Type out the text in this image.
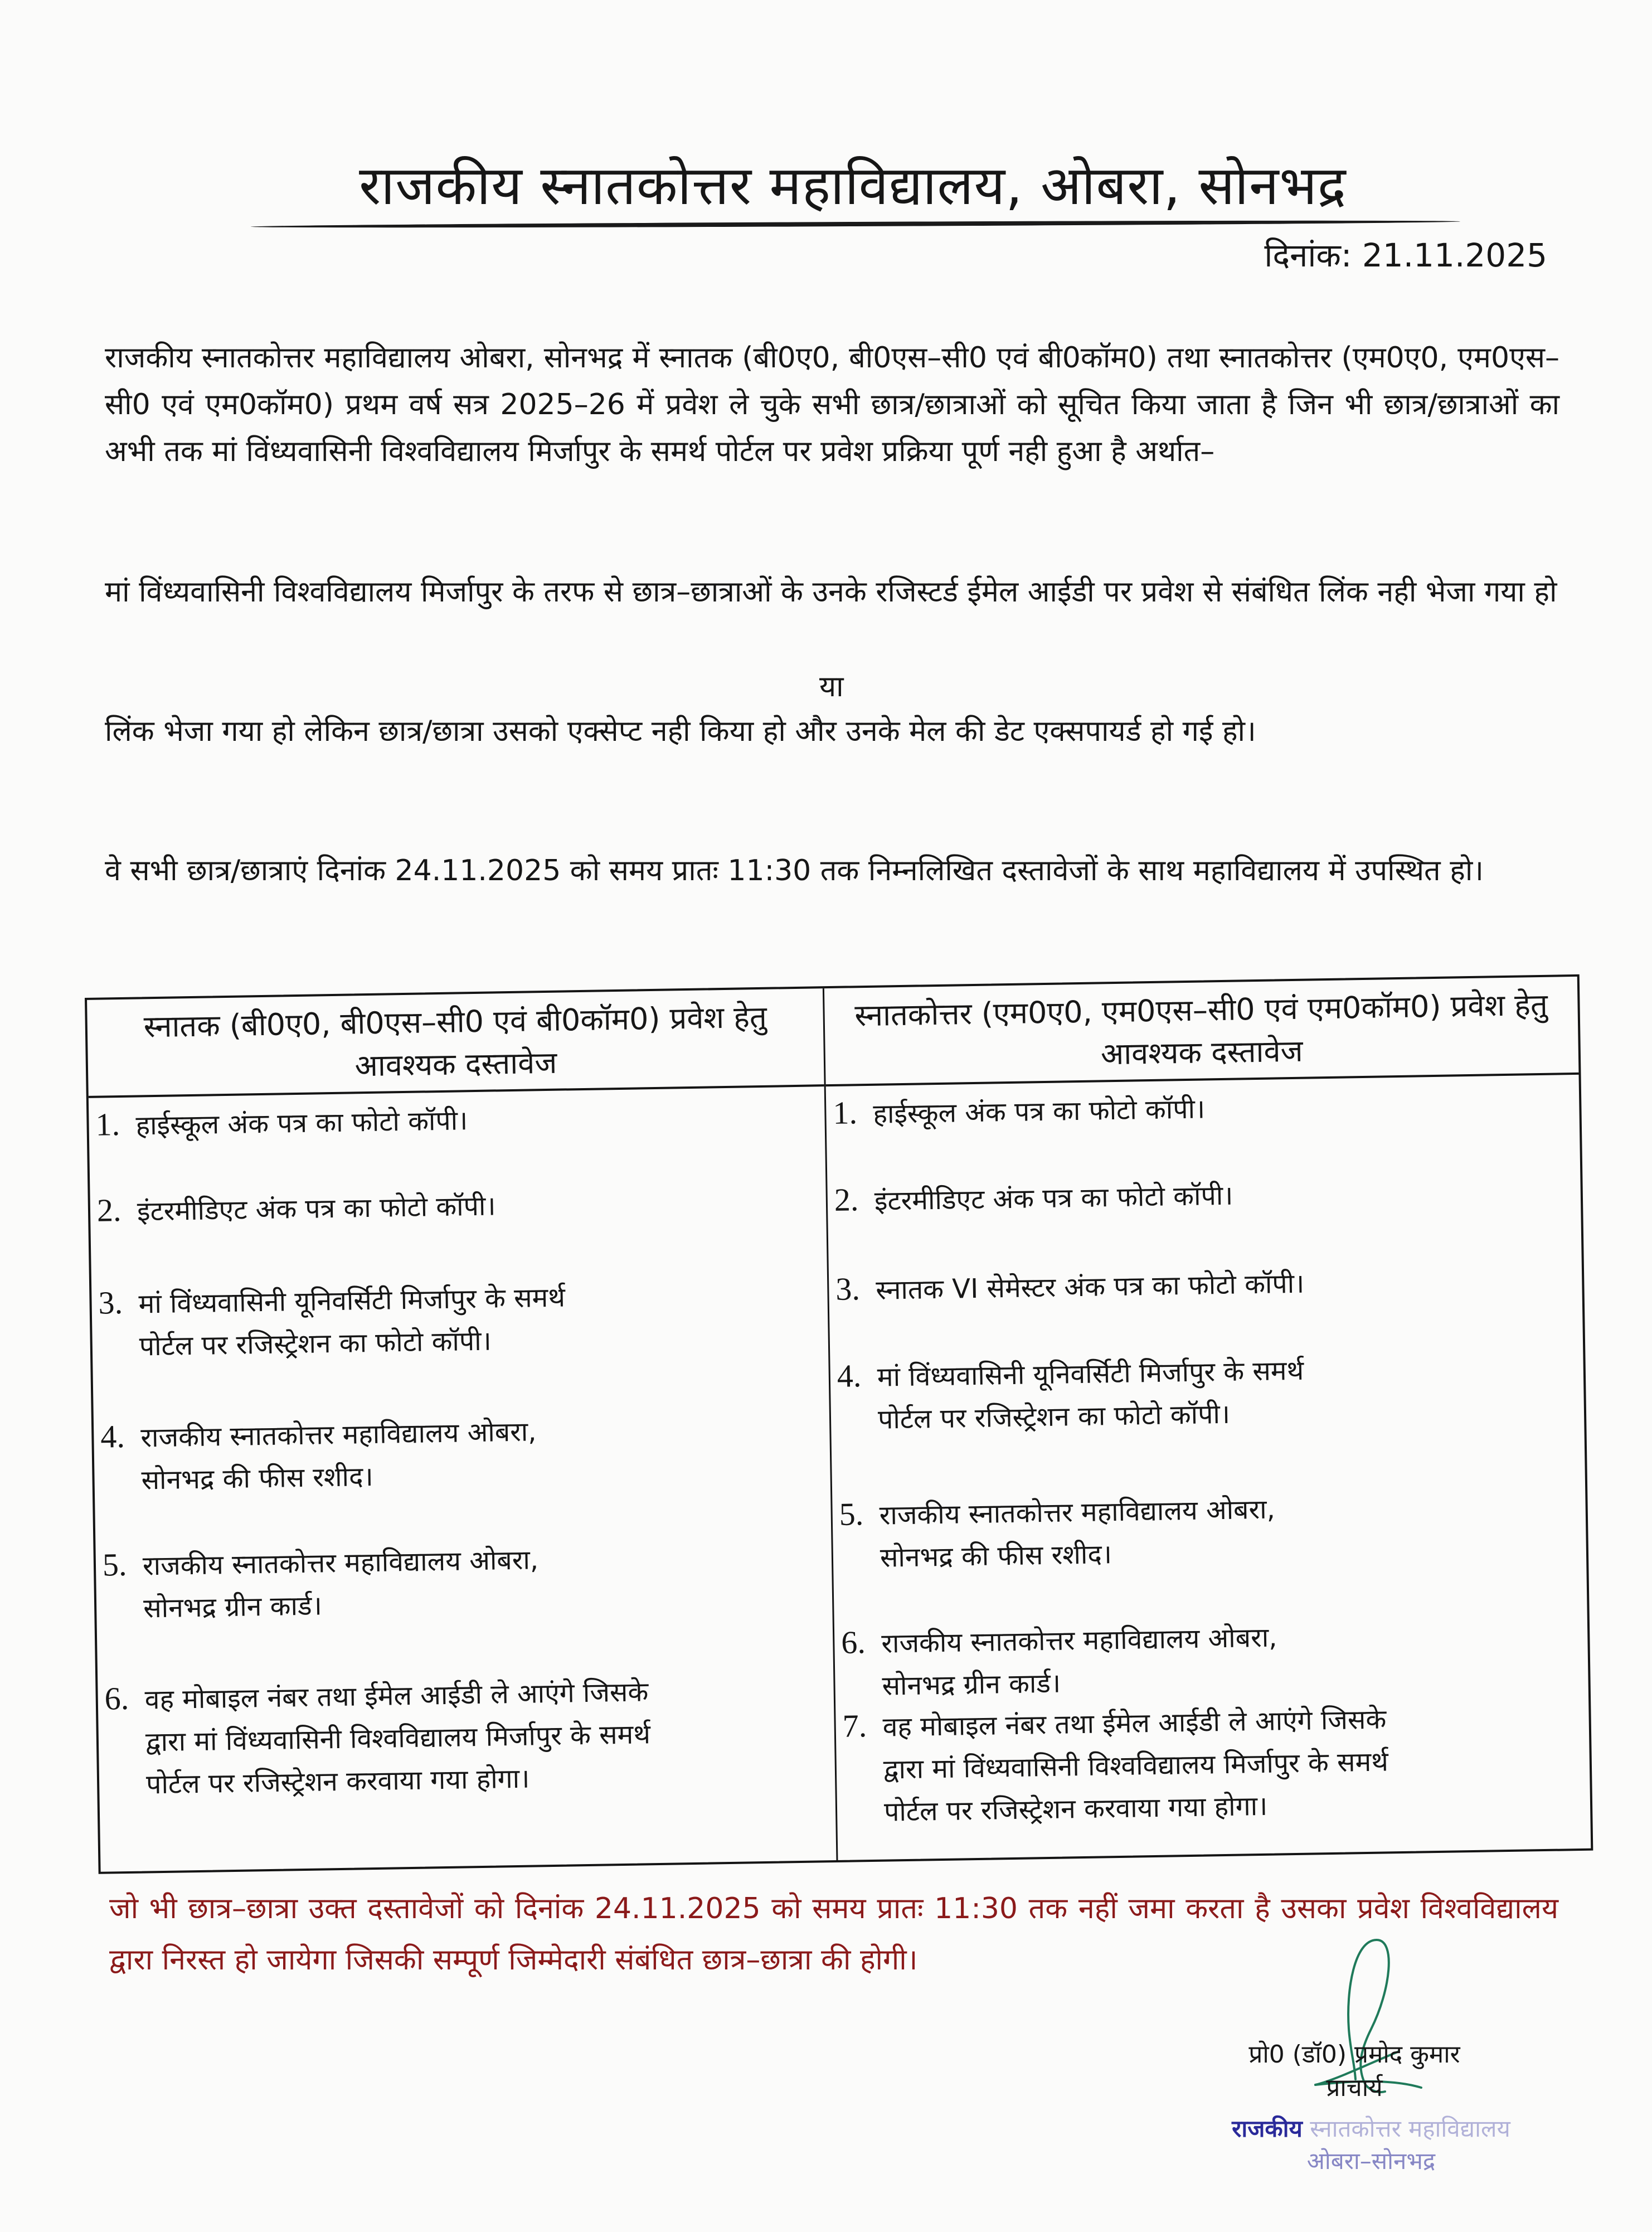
राजकीय स्नातकोत्तर महाविद्यालय, ओबरा, सोनभद्र
दिनांक: 21.11.2025
राजकीय स्नातकोत्तर महाविद्यालय ओबरा, सोनभद्र में स्नातक (बी0ए0, बी0एस–सी0 एवं बी0कॉम0) तथा स्नातकोत्तर (एम0ए0, एम0एस–सी0 एवं एम0कॉम0) प्रथम वर्ष सत्र 2025–26 में प्रवेश ले चुके सभी छात्र/छात्राओं को सूचित किया जाता है जिन भी छात्र/छात्राओं का अभी तक मां विंध्यवासिनी विश्वविद्यालय मिर्जापुर के समर्थ पोर्टल पर प्रवेश प्रक्रिया पूर्ण नही हुआ है अर्थात–
मां विंध्यवासिनी विश्वविद्यालय मिर्जापुर के तरफ से छात्र–छात्राओं के उनके रजिस्टर्ड ईमेल आईडी पर प्रवेश से संबंधित लिंक नही भेजा गया हो
या
लिंक भेजा गया हो लेकिन छात्र/छात्रा उसको एक्सेप्ट नही किया हो और उनके मेल की डेट एक्सपायर्ड हो गई हो।
वे सभी छात्र/छात्राएं दिनांक 24.11.2025 को समय प्रातः 11:30 तक निम्नलिखित दस्तावेजों के साथ महाविद्यालय में उपस्थित हो।
स्नातक (बी0ए0, बी0एस–सी0 एवं बी0कॉम0) प्रवेश हेतु आवश्यक दस्तावेज
1. हाईस्कूल अंक पत्र का फोटो कॉपी।
2. इंटरमीडिएट अंक पत्र का फोटो कॉपी।
3. मां विंध्यवासिनी यूनिवर्सिटी मिर्जापुर के समर्थ
पोर्टल पर रजिस्ट्रेशन का फोटो कॉपी।
4. राजकीय स्नातकोत्तर महाविद्यालय ओबरा,
सोनभद्र की फीस रशीद।
5. राजकीय स्नातकोत्तर महाविद्यालय ओबरा,
सोनभद्र ग्रीन कार्ड।
6. वह मोबाइल नंबर तथा ईमेल आईडी ले आएंगे जिसके
द्वारा मां विंध्यवासिनी विश्वविद्यालय मिर्जापुर के समर्थ
पोर्टल पर रजिस्ट्रेशन करवाया गया होगा।
स्नातकोत्तर (एम0ए0, एम0एस–सी0 एवं एम0कॉम0) प्रवेश हेतु आवश्यक दस्तावेज
1. हाईस्कूल अंक पत्र का फोटो कॉपी।
2. इंटरमीडिएट अंक पत्र का फोटो कॉपी।
3. स्नातक VI सेमेस्टर अंक पत्र का फोटो कॉपी।
4. मां विंध्यवासिनी यूनिवर्सिटी मिर्जापुर के समर्थ
पोर्टल पर रजिस्ट्रेशन का फोटो कॉपी।
5. राजकीय स्नातकोत्तर महाविद्यालय ओबरा,
सोनभद्र की फीस रशीद।
6. राजकीय स्नातकोत्तर महाविद्यालय ओबरा,
सोनभद्र ग्रीन कार्ड।
7. वह मोबाइल नंबर तथा ईमेल आईडी ले आएंगे जिसके
द्वारा मां विंध्यवासिनी विश्वविद्यालय मिर्जापुर के समर्थ
पोर्टल पर रजिस्ट्रेशन करवाया गया होगा।
जो भी छात्र–छात्रा उक्त दस्तावेजों को दिनांक 24.11.2025 को समय प्रातः 11:30 तक नहीं जमा करता है उसका प्रवेश विश्वविद्यालय द्वारा निरस्त हो जायेगा जिसकी सम्पूर्ण जिम्मेदारी संबंधित छात्र–छात्रा की होगी।
प्रो0 (डॉ0) प्रमोद कुमार
प्राचार्य
राजकीय स्नातकोत्तर महाविद्यालय
ओबरा–सोनभद्र
